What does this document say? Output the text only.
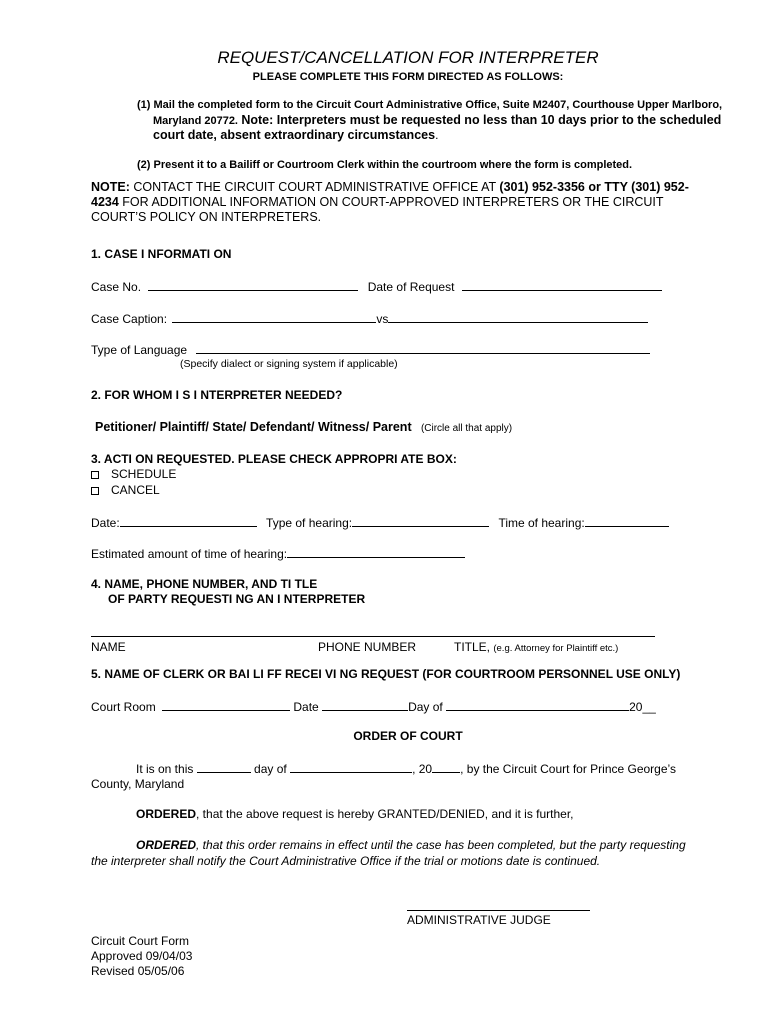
REQUEST/CANCELLATION FOR INTERPRETER
PLEASE COMPLETE THIS FORM DIRECTED AS FOLLOWS:
(1) Mail the completed form to the Circuit Court Administrative Office, Suite M2407, Courthouse Upper Marlboro,
Maryland 20772. Note: Interpreters must be requested no less than 10 days prior to the scheduled
court date, absent extraordinary circumstances.
(2) Present it to a Bailiff or Courtroom Clerk within the courtroom where the form is completed.
NOTE: CONTACT THE CIRCUIT COURT ADMINISTRATIVE OFFICE AT (301) 952-3356 or TTY (301) 952-
4234 FOR ADDITIONAL INFORMATION ON COURT-APPROVED INTERPRETERS OR THE CIRCUIT
COURT’S POLICY ON INTERPRETERS.
1. CASE I NFORMATI ON
Case No.	Date of Request
Case Caption:	vs
Type of Language
(Specify dialect or signing system if applicable)
2. FOR WHOM I S I NTERPRETER NEEDED?
Petitioner/ Plaintiff/ State/ Defendant/ Witness/ Parent (Circle all that apply)
3. ACTI ON REQUESTED. PLEASE CHECK APPROPRI ATE BOX:
SCHEDULE
CANCEL
Date:	Type of hearing:	Time of hearing:
Estimated amount of time of hearing:
4. NAME, PHONE NUMBER, AND TI TLE
OF PARTY REQUESTI NG AN I NTERPRETER
NAME	PHONE NUMBER	TITLE, (e.g. Attorney for Plaintiff etc.)
5. NAME OF CLERK OR BAI LI FF RECEI VI NG REQUEST (FOR COURTROOM PERSONNEL USE ONLY)
Court Room	Date	Day of	20__
ORDER OF COURT
It is on this	day of	, 20 , by the Circuit Court for Prince George’s
County, Maryland
ORDERED, that the above request is hereby GRANTED/DENIED, and it is further,
ORDERED, that this order remains in effect until the case has been completed, but the party requesting
the interpreter shall notify the Court Administrative Office if the trial or motions date is continued.
ADMINISTRATIVE JUDGE
Circuit Court Form
Approved 09/04/03
Revised 05/05/06
